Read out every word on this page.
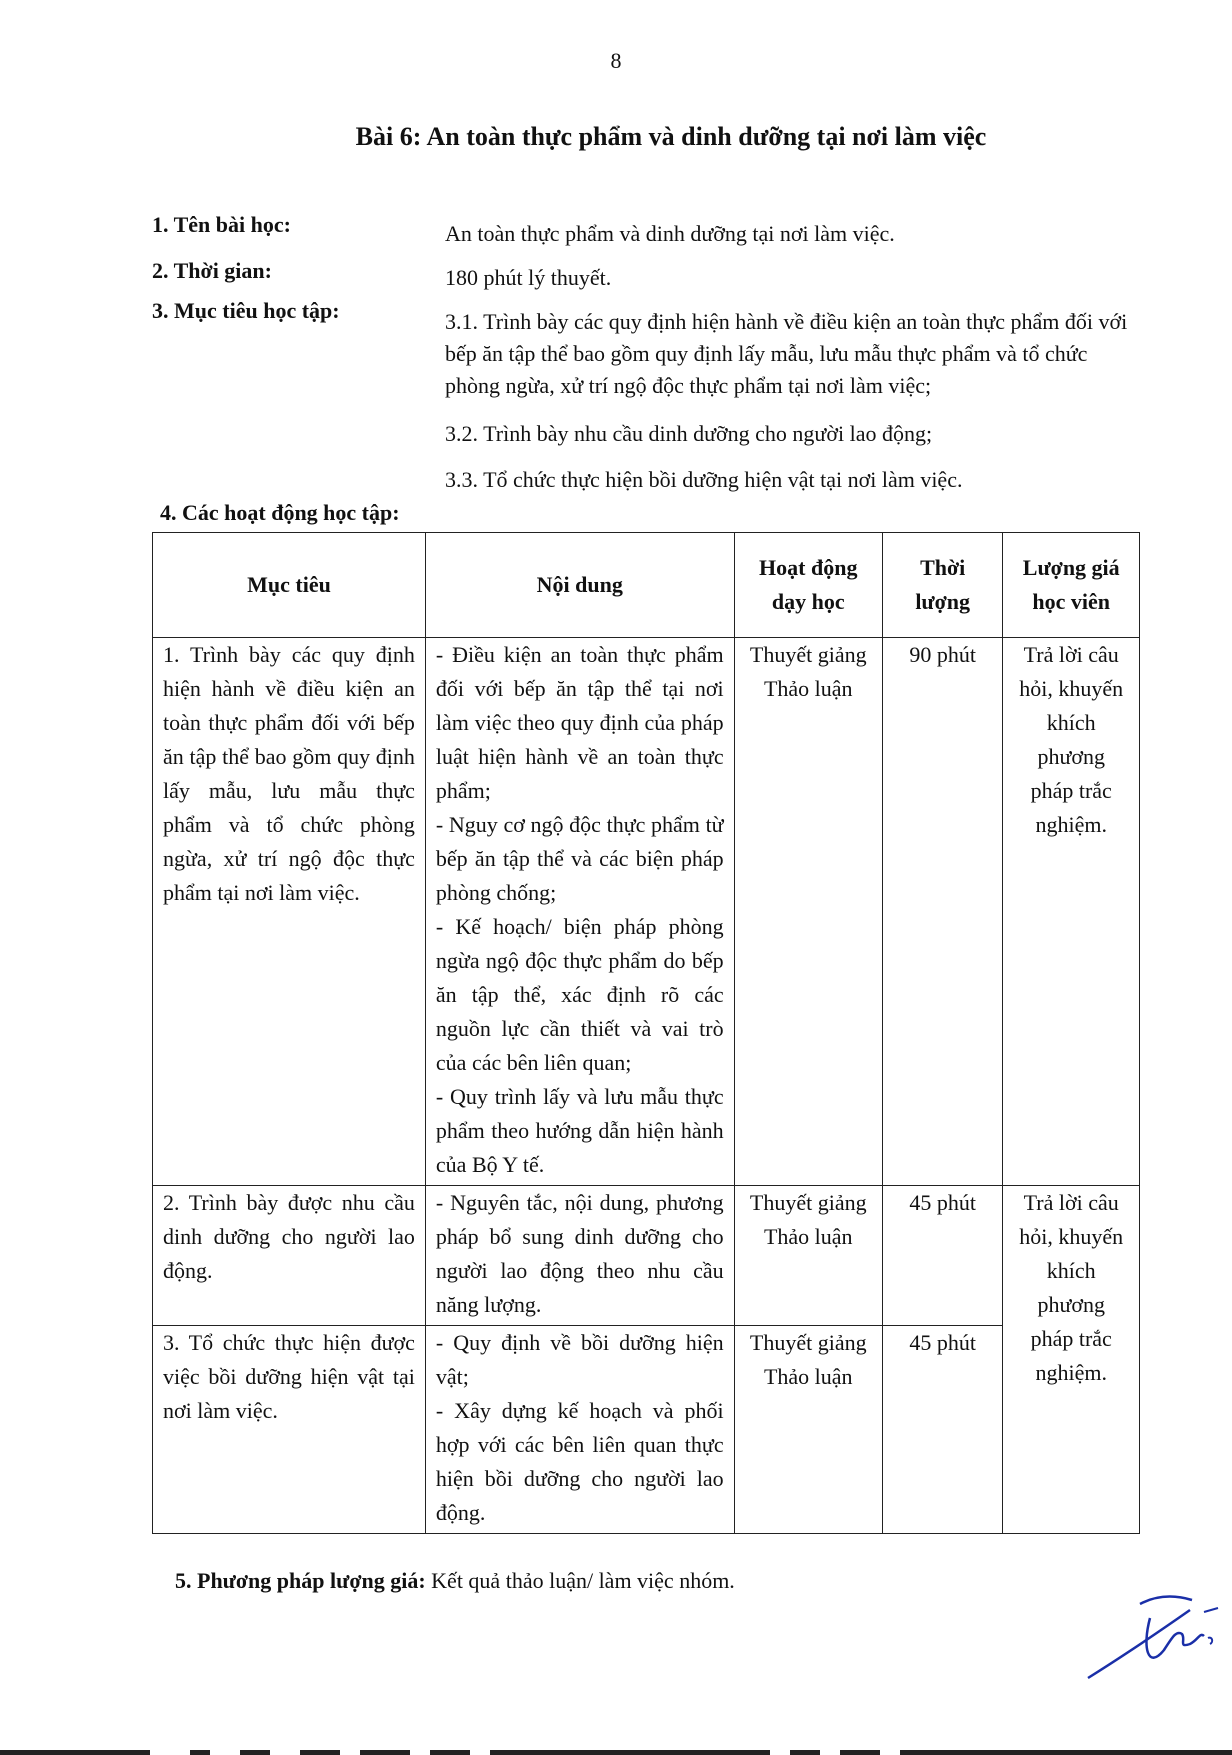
8
Bài 6: An toàn thực phẩm và dinh dưỡng tại nơi làm việc
1. Tên bài học:	An toàn thực phẩm và dinh dưỡng tại nơi làm việc.
2. Thời gian:	180 phút lý thuyết.
3. Mục tiêu học tập:	3.1. Trình bày các quy định hiện hành về điều kiện an toàn thực phẩm đối với bếp ăn tập thể bao gồm quy định lấy mẫu, lưu mẫu thực phẩm và tổ chức phòng ngừa, xử trí ngộ độc thực phẩm tại nơi làm việc;
3.2. Trình bày nhu cầu dinh dưỡng cho người lao động;
3.3. Tổ chức thực hiện bồi dưỡng hiện vật tại nơi làm việc.
4. Các hoạt động học tập:
Mục tiêu	Nội dung	Hoạt động dạy học	Thời lượng	Lượng giá học viên
1. Trình bày các quy định hiện hành về điều kiện an toàn thực phẩm đối với bếp ăn tập thể bao gồm quy định lấy mẫu, lưu mẫu thực phẩm và tổ chức phòng ngừa, xử trí ngộ độc thực phẩm tại nơi làm việc.	- Điều kiện an toàn thực phẩm đối với bếp ăn tập thể tại nơi làm việc theo quy định của pháp luật hiện hành về an toàn thực phẩm;
- Nguy cơ ngộ độc thực phẩm từ bếp ăn tập thể và các biện pháp phòng chống;
- Kế hoạch/ biện pháp phòng ngừa ngộ độc thực phẩm do bếp ăn tập thể, xác định rõ các nguồn lực cần thiết và vai trò của các bên liên quan;
- Quy trình lấy và lưu mẫu thực phẩm theo hướng dẫn hiện hành của Bộ Y tế.	Thuyết giảng Thảo luận	90 phút	Trả lời câu hỏi, khuyến khích phương pháp trắc nghiệm.
2. Trình bày được nhu cầu dinh dưỡng cho người lao động.	- Nguyên tắc, nội dung, phương pháp bổ sung dinh dưỡng cho người lao động theo nhu cầu năng lượng.	Thuyết giảng Thảo luận	45 phút	Trả lời câu hỏi, khuyến khích phương pháp trắc nghiệm.
3. Tổ chức thực hiện được việc bồi dưỡng hiện vật tại nơi làm việc.	- Quy định về bồi dưỡng hiện vật;
- Xây dựng kế hoạch và phối hợp với các bên liên quan thực hiện bồi dưỡng cho người lao động.	Thuyết giảng Thảo luận	45 phút	
5. Phương pháp lượng giá: Kết quả thảo luận/ làm việc nhóm.
